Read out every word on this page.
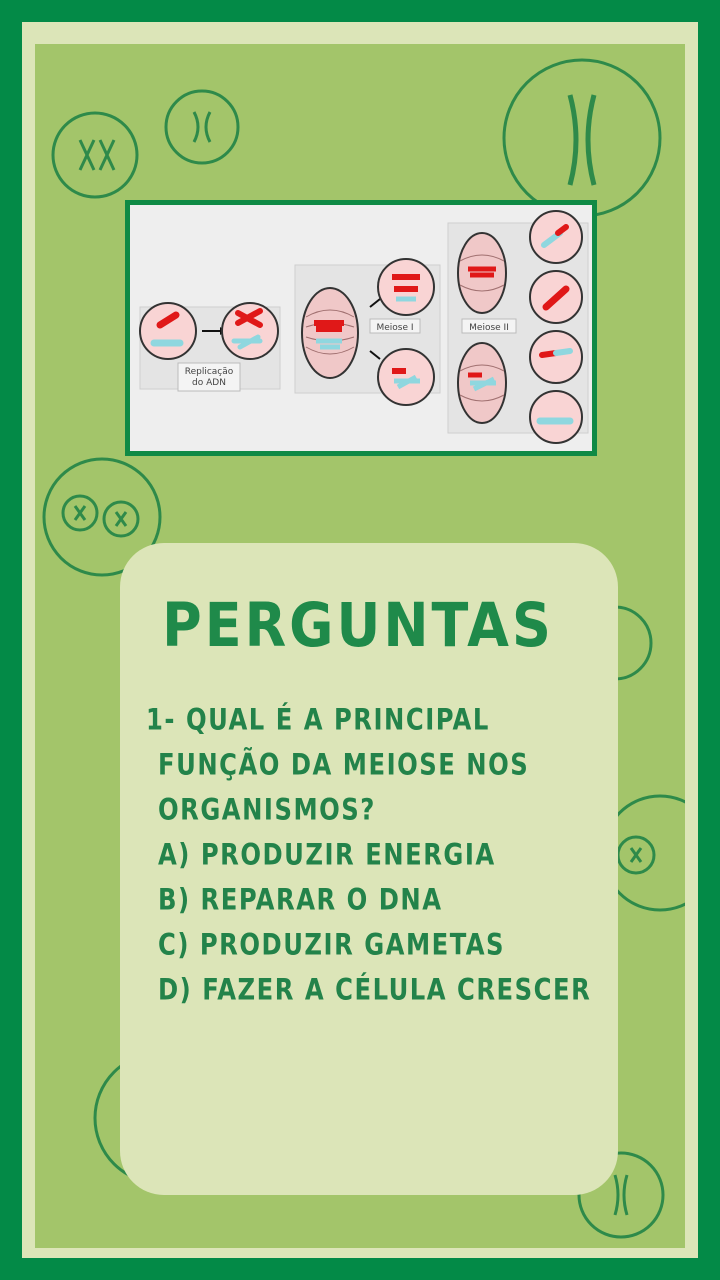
Replicação
do ADN
Meiose I	Meiose II
PERGUNTAS
1- QUAL É A PRINCIPAL
FUNÇÃO DA MEIOSE NOS
ORGANISMOS?
A) PRODUZIR ENERGIA
B) REPARAR O DNA
C) PRODUZIR GAMETAS
D) FAZER A CÉLULA CRESCER
